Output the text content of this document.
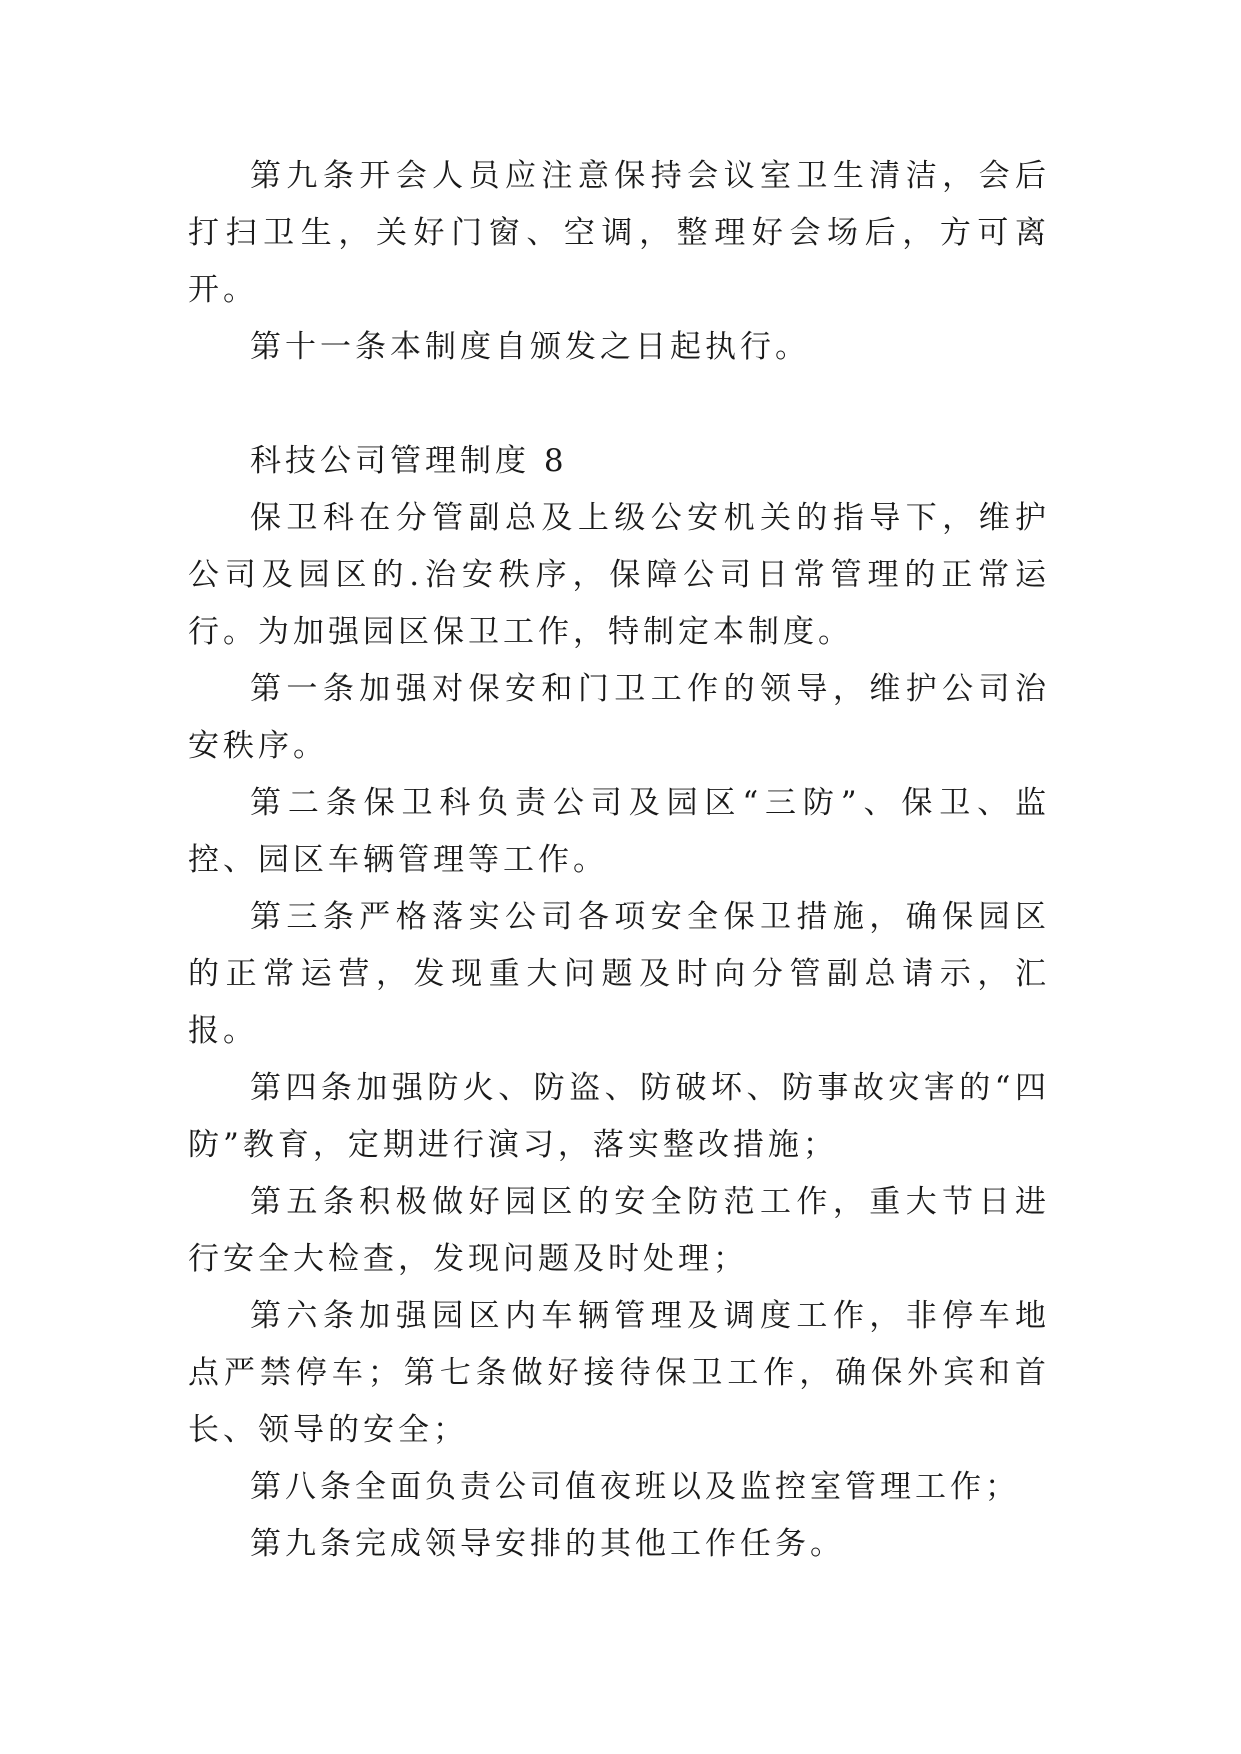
第九条开会人员应注意保持会议室卫生清洁，会后打扫卫生，关好门窗、空调，整理好会场后，方可离开。

第十一条本制度自颁发之日起执行。

科技公司管理制度 8

保卫科在分管副总及上级公安机关的指导下，维护公司及园区的.治安秩序，保障公司日常管理的正常运行。为加强园区保卫工作，特制定本制度。

第一条加强对保安和门卫工作的领导，维护公司治安秩序。

第二条保卫科负责公司及园区“三防”、保卫、监控、园区车辆管理等工作。

第三条严格落实公司各项安全保卫措施，确保园区的正常运营，发现重大问题及时向分管副总请示，汇报。

第四条加强防火、防盗、防破坏、防事故灾害的“四防”教育，定期进行演习，落实整改措施；

第五条积极做好园区的安全防范工作，重大节日进行安全大检查，发现问题及时处理；

第六条加强园区内车辆管理及调度工作，非停车地点严禁停车；第七条做好接待保卫工作，确保外宾和首长、领导的安全；

第八条全面负责公司值夜班以及监控室管理工作；

第九条完成领导安排的其他工作任务。
